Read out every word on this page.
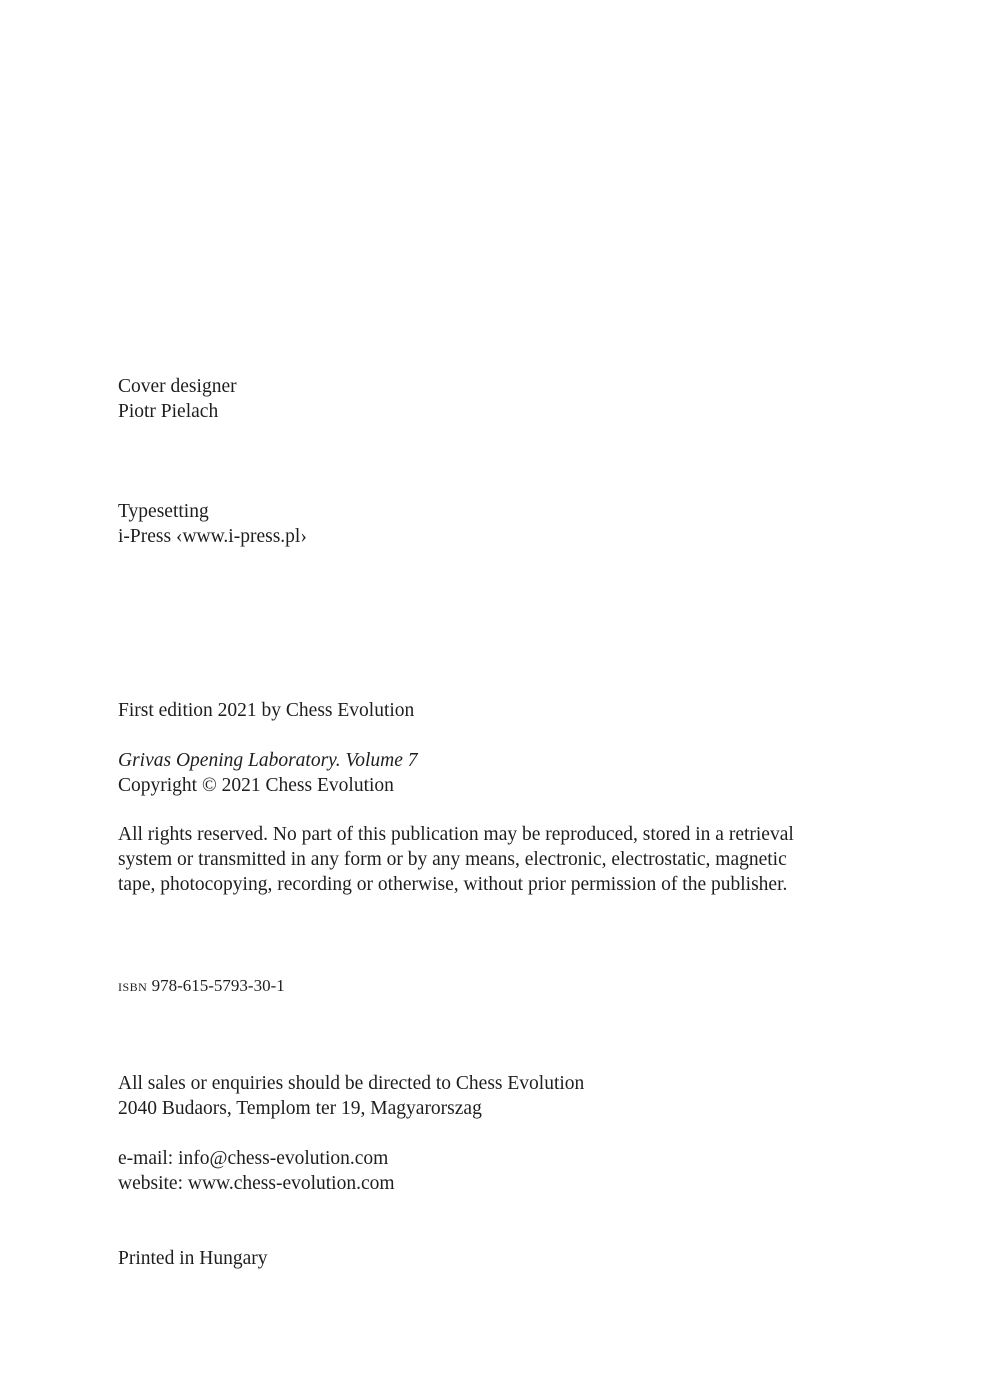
Cover designer

Piotr Pielach

Typesetting

i-Press ‹www.i-press.pl›

First edition 2021 by Chess Evolution

Grivas Opening Laboratory. Volume 7

Copyright © 2021 Chess Evolution

All rights reserved. No part of this publication may be reproduced, stored in a retrieval
system or transmitted in any form or by any means, electronic, electrostatic, magnetic
tape, photocopying, recording or otherwise, without prior permission of the publisher.

isbn 978-615-5793-30-1

All sales or enquiries should be directed to Chess Evolution

2040 Budaors, Templom ter 19, Magyarorszag

e-mail: info@chess-evolution.com

website: www.chess-evolution.com

Printed in Hungary
